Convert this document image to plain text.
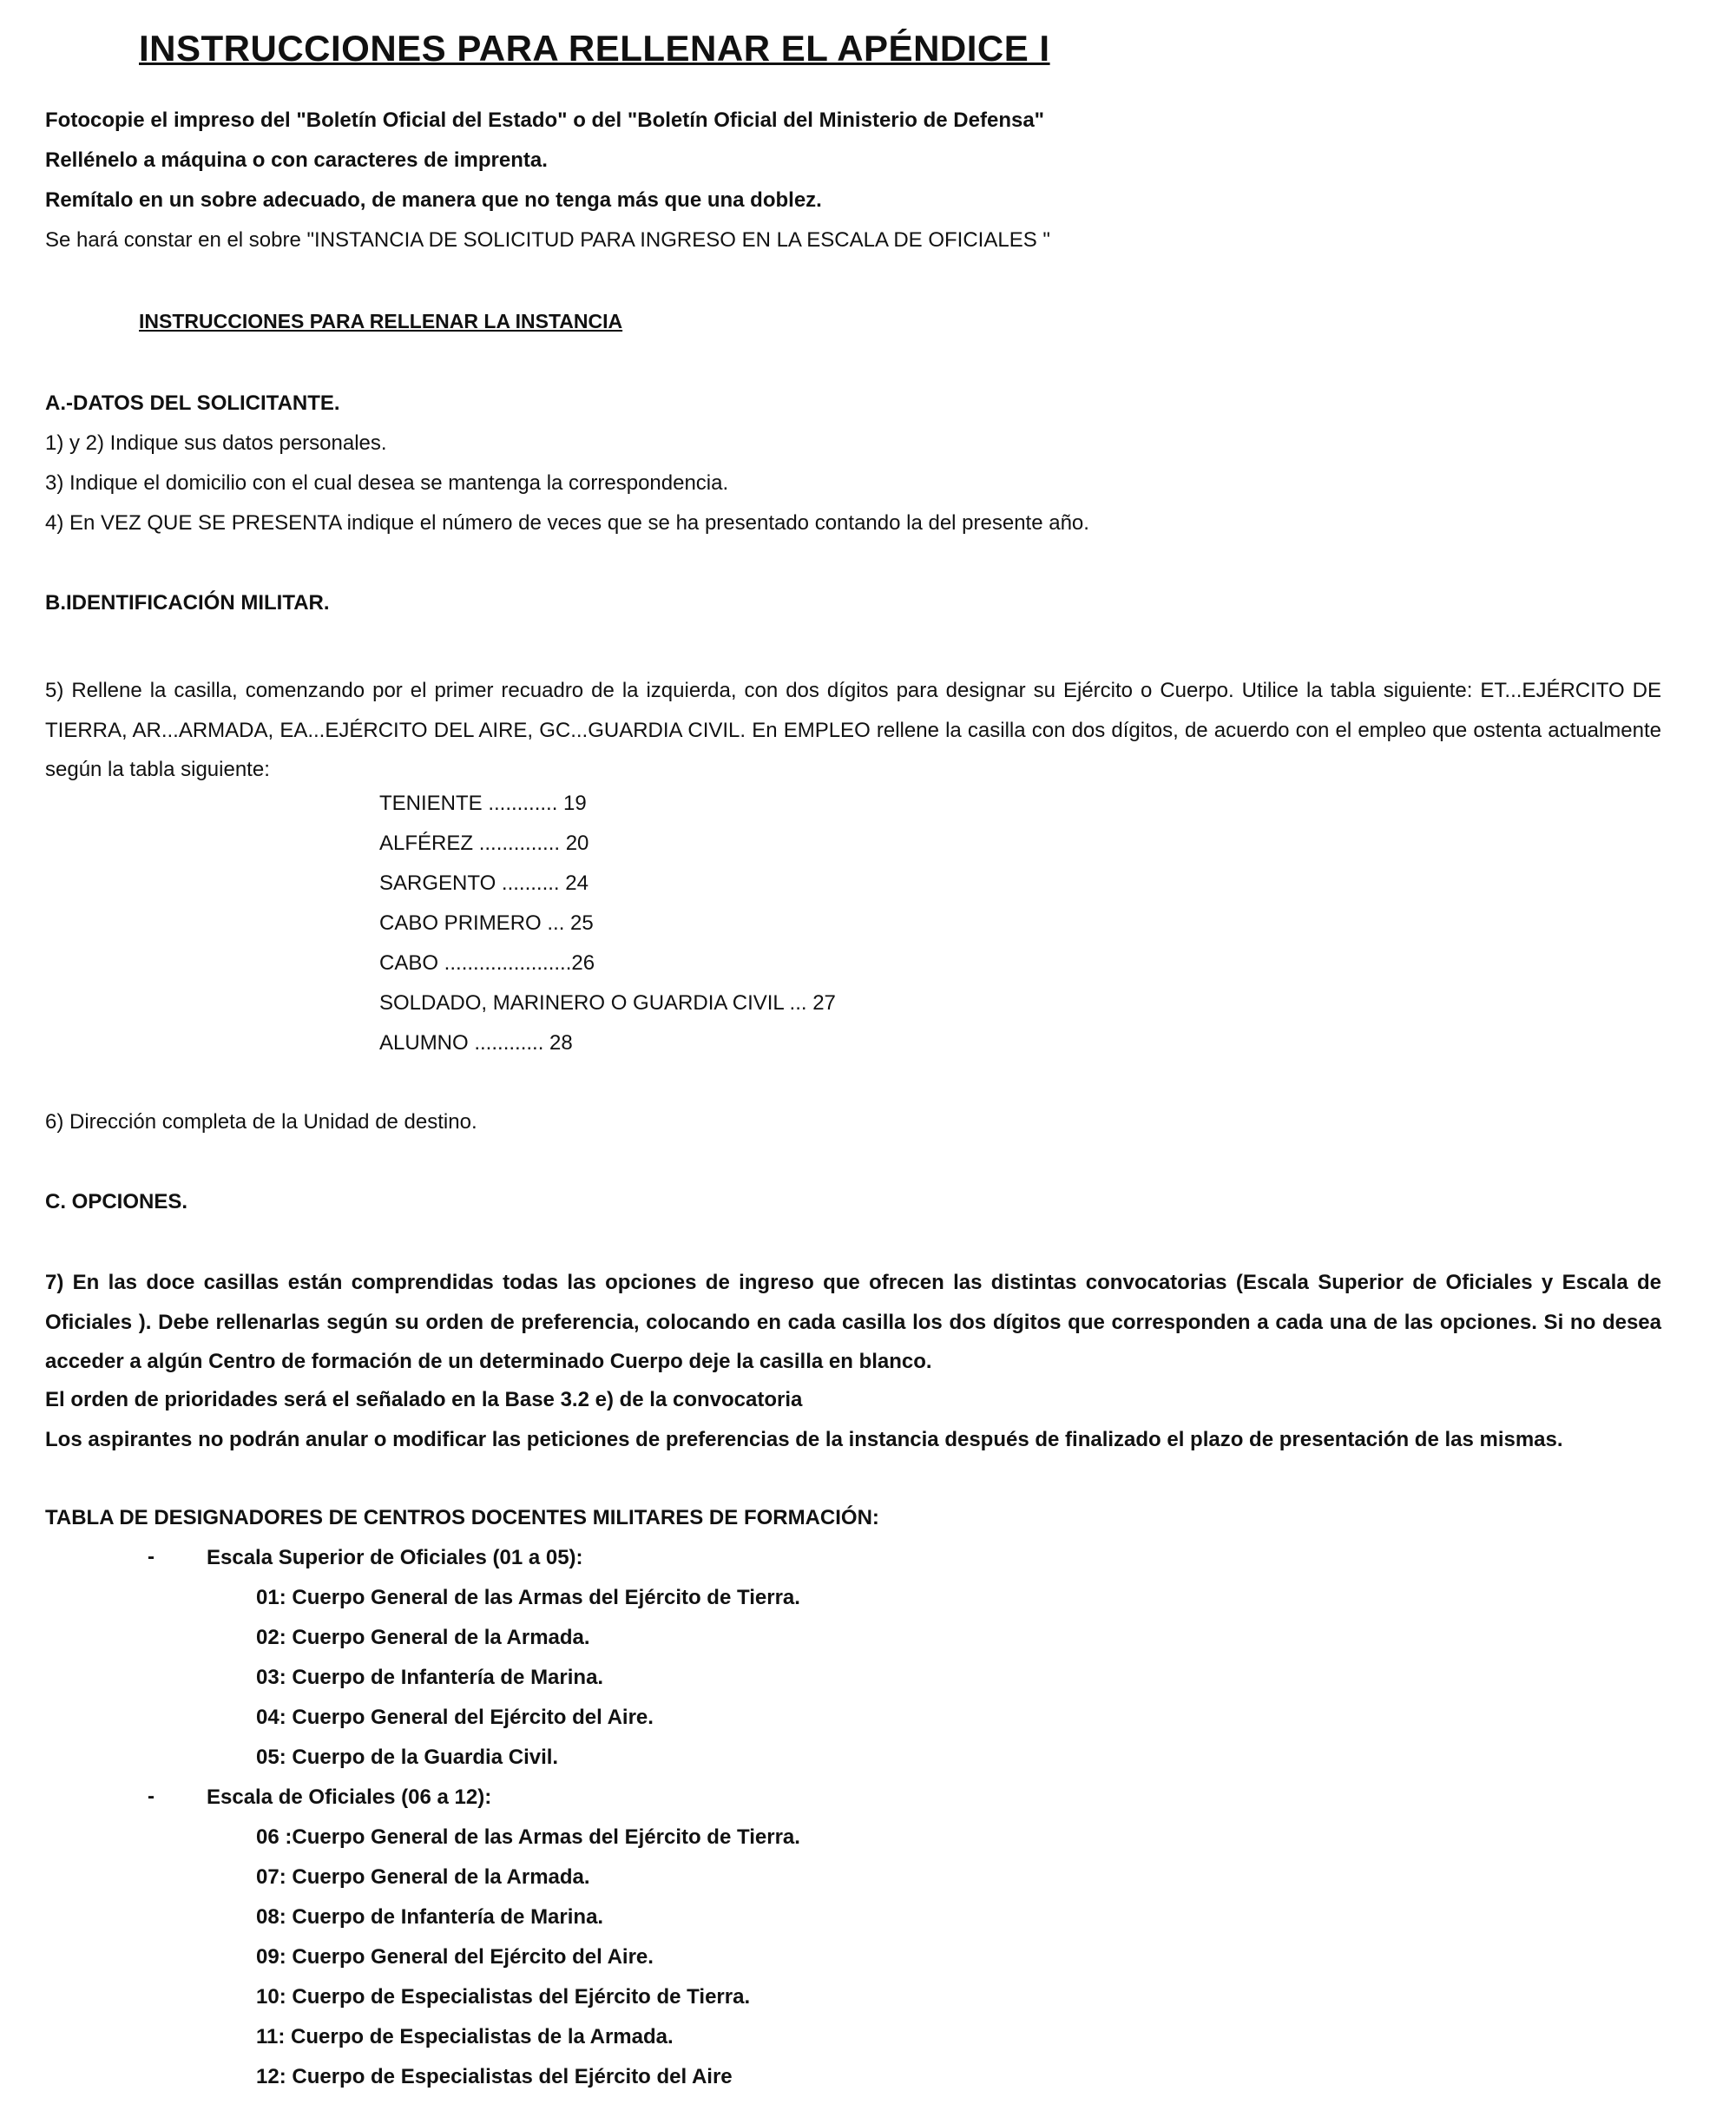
INSTRUCCIONES PARA RELLENAR EL APÉNDICE I
Fotocopie el impreso del "Boletín Oficial del Estado" o del "Boletín Oficial del Ministerio de Defensa"
Rellénelo a máquina o con caracteres de imprenta.
Remítalo en un sobre adecuado, de manera que no tenga más que una doblez.
Se hará constar en el sobre "INSTANCIA DE SOLICITUD PARA INGRESO EN LA ESCALA DE OFICIALES "
INSTRUCCIONES PARA RELLENAR LA INSTANCIA
A.-DATOS DEL SOLICITANTE.
1) y 2) Indique sus datos personales.
3) Indique el domicilio con el cual desea se mantenga la correspondencia.
4) En VEZ QUE SE PRESENTA indique el número de veces que se ha presentado contando la del presente año.
B.IDENTIFICACIÓN MILITAR.
5) Rellene la casilla, comenzando por el primer recuadro de la izquierda, con dos dígitos para designar su Ejército o Cuerpo. Utilice la tabla siguiente: ET...EJÉRCITO DE TIERRA, AR...ARMADA, EA...EJÉRCITO DEL AIRE, GC...GUARDIA CIVIL. En EMPLEO rellene la casilla con dos dígitos, de acuerdo con el empleo que ostenta actualmente según la tabla siguiente:
TENIENTE ............ 19
ALFÉREZ .............. 20
SARGENTO .......... 24
CABO PRIMERO ... 25
CABO ......................26
SOLDADO, MARINERO O GUARDIA CIVIL ... 27
ALUMNO ............ 28
6) Dirección completa de la Unidad de destino.
C. OPCIONES.
7) En las doce casillas están comprendidas todas las opciones de ingreso que ofrecen las distintas convocatorias (Escala Superior de Oficiales y Escala de Oficiales ). Debe rellenarlas según su orden de preferencia, colocando en cada casilla los dos dígitos que corresponden a cada una de las opciones. Si no desea acceder a algún Centro de formación de un determinado Cuerpo deje la casilla en blanco.
El orden de prioridades será el señalado en la Base 3.2 e) de la convocatoria
Los aspirantes no podrán anular o modificar las peticiones de preferencias de la instancia después de finalizado el plazo de presentación de las mismas.
TABLA DE DESIGNADORES DE CENTROS DOCENTES MILITARES DE FORMACIÓN:
-	Escala Superior de Oficiales (01 a 05):
01: Cuerpo General de las Armas del Ejército de Tierra.
02: Cuerpo General de la Armada.
03: Cuerpo de Infantería de Marina.
04: Cuerpo General del Ejército del Aire.
05: Cuerpo de la Guardia Civil.
-	Escala de Oficiales (06 a 12):
06 :Cuerpo General de las Armas del Ejército de Tierra.
07: Cuerpo General de la Armada.
08: Cuerpo de Infantería de Marina.
09: Cuerpo General del Ejército del Aire.
10: Cuerpo de Especialistas del Ejército de Tierra.
11: Cuerpo de Especialistas de la Armada.
12: Cuerpo de Especialistas del Ejército del Aire
